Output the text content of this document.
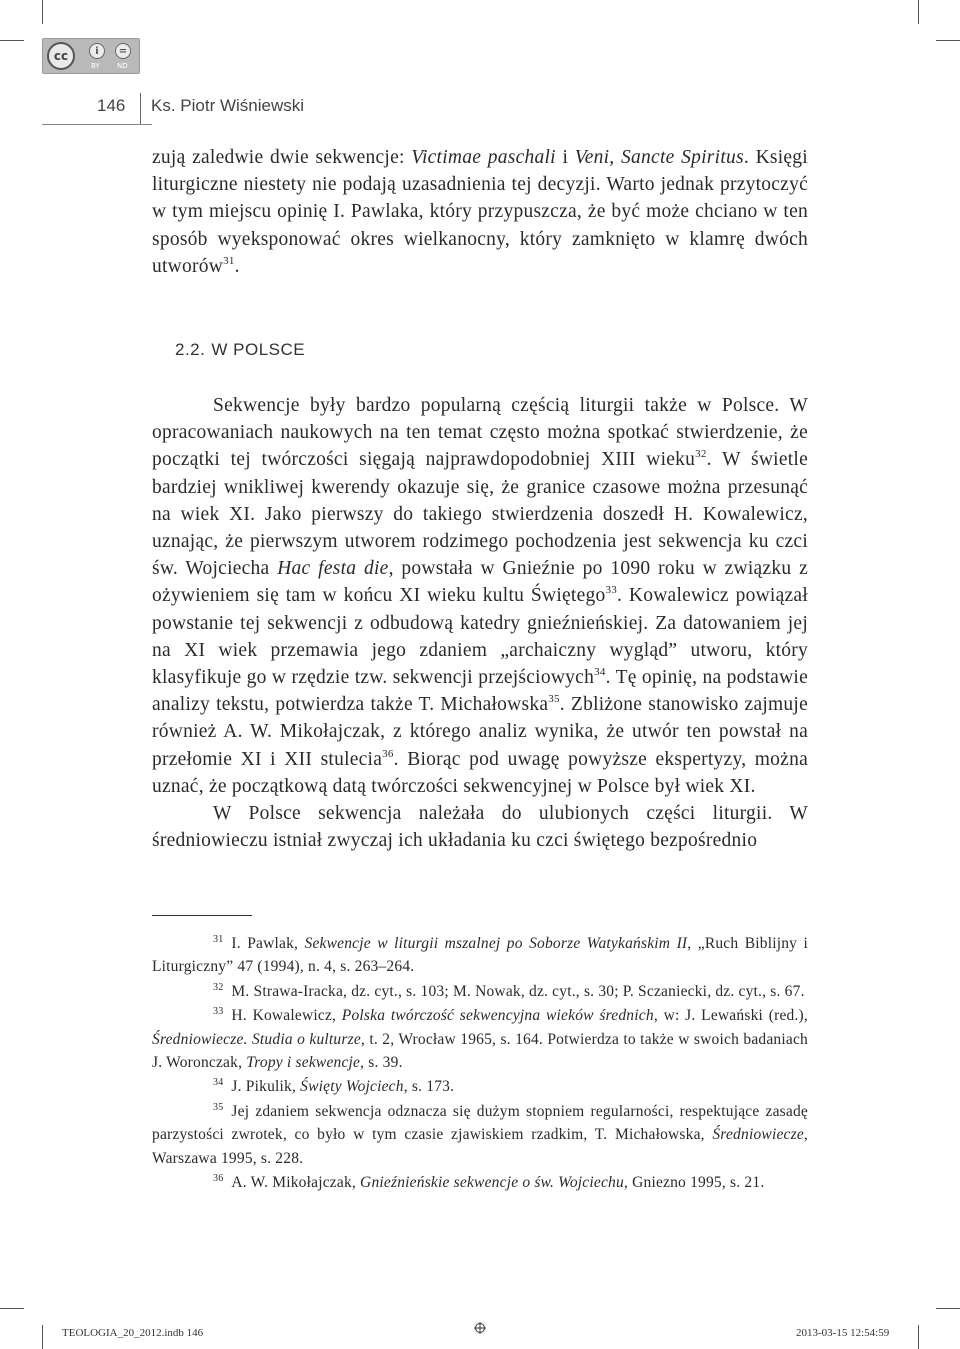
cc	i	=
BY ND
146 Ks. Piotr Wiśniewski

zują zaledwie dwie sekwencje: Victimae paschali i Veni, Sancte Spiritus. Księgi liturgiczne niestety nie podają uzasadnienia tej decyzji. Warto jednak przytoczyć w tym miejscu opinię I. Pawlaka, który przypuszcza, że być może chciano w ten sposób wyeksponować okres wielkanocny, który zamknięto w klamrę dwóch utworów$^{31}$.

2.2. W POLSCE

Sekwencje były bardzo popularną częścią liturgii także w Polsce. W opracowaniach naukowych na ten temat często można spotkać stwierdzenie, że początki tej twórczości sięgają najprawdopodobniej XIII wieku$^{32}$. W świetle bardziej wnikliwej kwerendy okazuje się, że granice czasowe można przesunąć na wiek XI. Jako pierwszy do takiego stwierdzenia doszedł H. Kowalewicz, uznając, że pierwszym utworem rodzimego pochodzenia jest sekwencja ku czci św. Wojciecha Hac festa die, powstała w Gnieźnie po 1090 roku w związku z ożywieniem się tam w końcu XI wieku kultu Świętego$^{33}$. Kowalewicz powiązał powstanie tej sekwencji z odbudową katedry gnieźnieńskiej. Za datowaniem jej na XI wiek przemawia jego zdaniem „archaiczny wygląd” utworu, który klasyfikuje go w rzędzie tzw. sekwencji przejściowych$^{34}$. Tę opinię, na podstawie analizy tekstu, potwierdza także T. Michałowska$^{35}$. Zbliżone stanowisko zajmuje również A. W. Mikołajczak, z którego analiz wynika, że utwór ten powstał na przełomie XI i XII stulecia$^{36}$. Biorąc pod uwagę powyższe ekspertyzy, można uznać, że początkową datą twórczości sekwencyjnej w Polsce był wiek XI.

W Polsce sekwencja należała do ulubionych części liturgii. W średniowieczu istniał zwyczaj ich układania ku czci świętego bezpośrednio

$^{31}$ I. Pawlak, Sekwencje w liturgii mszalnej po Soborze Watykańskim II, „Ruch Biblijny i Liturgiczny” 47 (1994), n. 4, s. 263–264.

$^{32}$ M. Strawa-Iracka, dz. cyt., s. 103; M. Nowak, dz. cyt., s. 30; P. Sczaniecki, dz. cyt., s. 67.

$^{33}$ H. Kowalewicz, Polska twórczość sekwencyjna wieków średnich, w: J. Lewański (red.), Średniowiecze. Studia o kulturze, t. 2, Wrocław 1965, s. 164. Potwierdza to także w swoich badaniach J. Woronczak, Tropy i sekwencje, s. 39.

$^{34}$ J. Pikulik, Święty Wojciech, s. 173.

$^{35}$ Jej zdaniem sekwencja odznacza się dużym stopniem regularności, respektujące zasadę parzystości zwrotek, co było w tym czasie zjawiskiem rzadkim, T. Michałowska, Średniowiecze, Warszawa 1995, s. 228.

$^{36}$ A. W. Mikołajczak, Gnieźnieńskie sekwencje o św. Wojciechu, Gniezno 1995, s. 21.

TEOLOGIA_20_2012.indb 146	2013-03-15 12:54:59
